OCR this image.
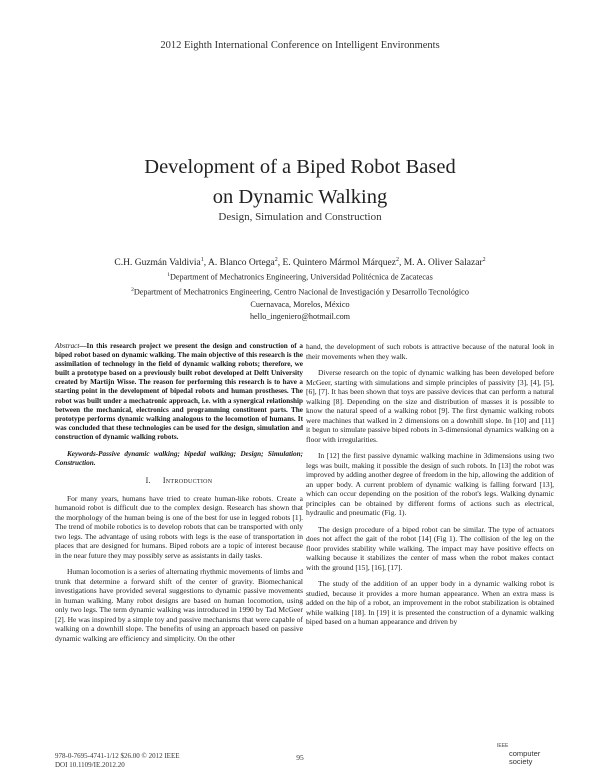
2012 Eighth International Conference on Intelligent Environments
Development of a Biped Robot Based
on Dynamic Walking
Design, Simulation and Construction
C.H. Guzmán Valdivia$^1$, A. Blanco Ortega$^2$, E. Quintero Mármol Márquez$^2$, M. A. Oliver Salazar$^2$
$^1$Department of Mechatronics Engineering, Universidad Politécnica de Zacatecas
$^2$Department of Mechatronics Engineering, Centro Nacional de Investigación y Desarrollo Tecnológico
Cuernavaca, Morelos, México
hello_ingeniero@hotmail.com

Abstract—In this research project we present the design and construction of a biped robot based on dynamic walking. The main objective of this research is the assimilation of technology in the field of dynamic walking robots; therefore, we built a prototype based on a previously built robot developed at Delft University created by Martijn Wisse. The reason for performing this research is to have a starting point in the development of bipedal robots and human prostheses. The robot was built under a mechatronic approach, i.e. with a synergical relationship between the mechanical, electronics and programming constituent parts. The prototype performs dynamic walking analogous to the locomotion of humans. It was concluded that these technologies can be used for the design, simulation and construction of dynamic walking robots.

Keywords-Passive dynamic walking; bipedal walking; Design; Simulation; Construction.

I. Introduction

For many years, humans have tried to create human-like robots. Create a humanoid robot is difficult due to the complex design. Research has shown that the morphology of the human being is one of the best for use in legged robots [1]. The trend of mobile robotics is to develop robots that can be transported with only two legs. The advantage of using robots with legs is the ease of transportation in places that are designed for humans. Biped robots are a topic of interest because in the near future they may possibly serve as assistants in daily tasks.

Human locomotion is a series of alternating rhythmic movements of limbs and trunk that determine a forward shift of the center of gravity. Biomechanical investigations have provided several suggestions to dynamic passive movements in human walking. Many robot designs are based on human locomotion, using only two legs. The term dynamic walking was introduced in 1990 by Tad McGeer [2]. He was inspired by a simple toy and passive mechanisms that were capable of walking on a downhill slope. The benefits of using an approach based on passive dynamic walking are efficiency and simplicity. On the other

hand, the development of such robots is attractive because of the natural look in their movements when they walk.

Diverse research on the topic of dynamic walking has been developed before McGeer, starting with simulations and simple principles of passivity [3], [4], [5], [6], [7]. It has been shown that toys are passive devices that can perform a natural walking [8]. Depending on the size and distribution of masses it is possible to know the natural speed of a walking robot [9]. The first dynamic walking robots were machines that walked in 2 dimensions on a downhill slope. In [10] and [11] it begun to simulate passive biped robots in 3-dimensional dynamics walking on a floor with irregularities.

In [12] the first passive dynamic walking machine in 3dimensions using two legs was built, making it possible the design of such robots. In [13] the robot was improved by adding another degree of freedom in the hip, allowing the addition of an upper body. A current problem of dynamic walking is falling forward [13], which can occur depending on the position of the robot's legs. Walking dynamic principles can be obtained by different forms of actions such as electrical, hydraulic and pneumatic (Fig. 1).

The design procedure of a biped robot can be similar. The type of actuators does not affect the gait of the robot [14] (Fig 1). The collision of the leg on the floor provides stability while walking. The impact may have positive effects on walking because it stabilizes the center of mass when the robot makes contact with the ground [15], [16], [17].

The study of the addition of an upper body in a dynamic walking robot is studied, because it provides a more human appearance. When an extra mass is added on the hip of a robot, an improvement in the robot stabilization is obtained while walking [18]. In [19] it is presented the construction of a dynamic walking biped based on a human appearance and driven by

978-0-7695-4741-1/12 $26.00 © 2012 IEEE
DOI 10.1109/IE.2012.20
95
IEEE
computer
society
